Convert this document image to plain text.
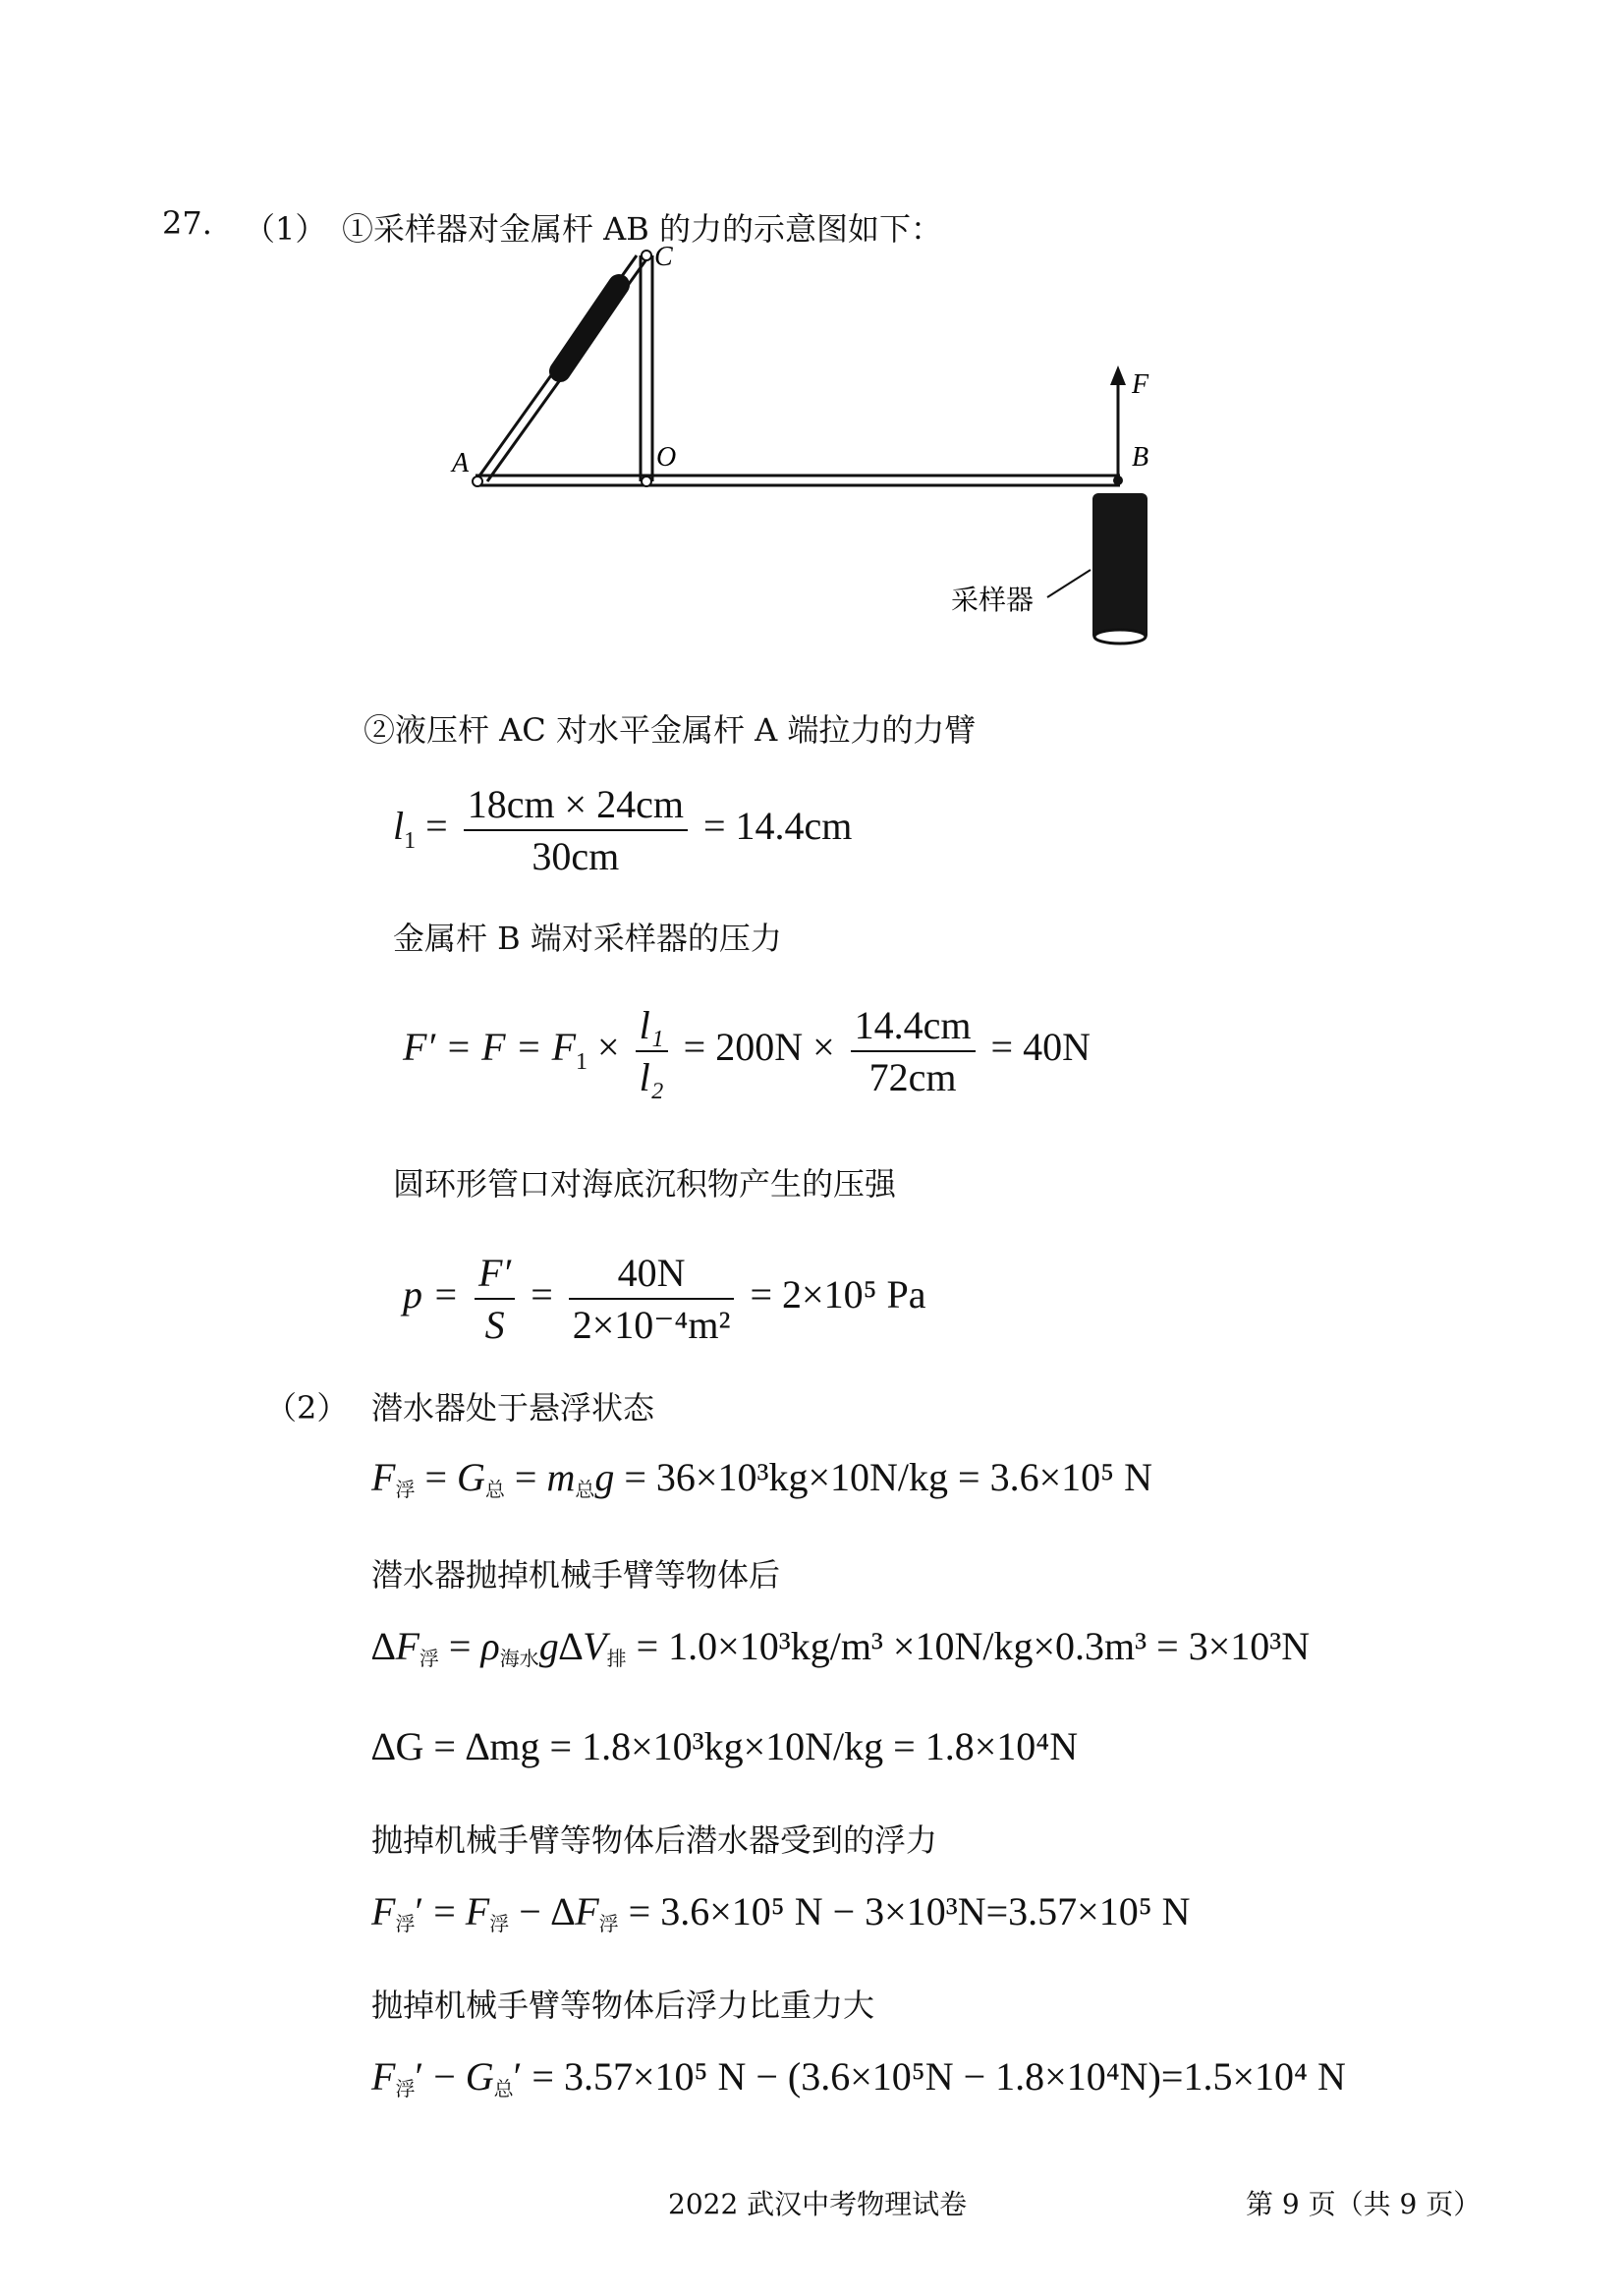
27. （1） ①采样器对金属杆 AB 的力的示意图如下：
C
F
A	O	B
采样器
②液压杆 AC 对水平金属杆 A 端拉力的力臂
$l_1 = \frac{18cm \times 24cm}{30cm} = 14.4cm$
金属杆 B 端对采样器的压力
$F' = F = F_1 \times \frac{\text{l₁}}{\text{l₂}} = 200N \times \frac{14.4cm}{72cm} = 40N$
圆环形管口对海底沉积物产生的压强
$p = \frac{F'}{S} = \frac{40N}{\text{2×10⁻⁴m²}} = 2\times 10^5$ Pa
（2） 潜水器处于悬浮状态
F浮 = G总 = m总g = 36×10³kg×10N/kg = 3.6×10⁵ N
潜水器抛掉机械手臂等物体后
∆F浮 = ρ海水g∆V排 = 1.0×10³kg/m³ ×10N/kg×0.3m³ = 3×10³N
∆G = ∆mg = 1.8×10³kg×10N/kg = 1.8×10⁴N
抛掉机械手臂等物体后潜水器受到的浮力
F浮′ = F浮 − ∆F浮 = 3.6×10⁵ N − 3×10³N=3.57×10⁵ N
抛掉机械手臂等物体后浮力比重力大
F浮′ − G总′ = 3.57×10⁵ N − (3.6×10⁵N − 1.8×10⁴N)=1.5×10⁴ N
2022 武汉中考物理试卷	第 9 页（共 9 页）
